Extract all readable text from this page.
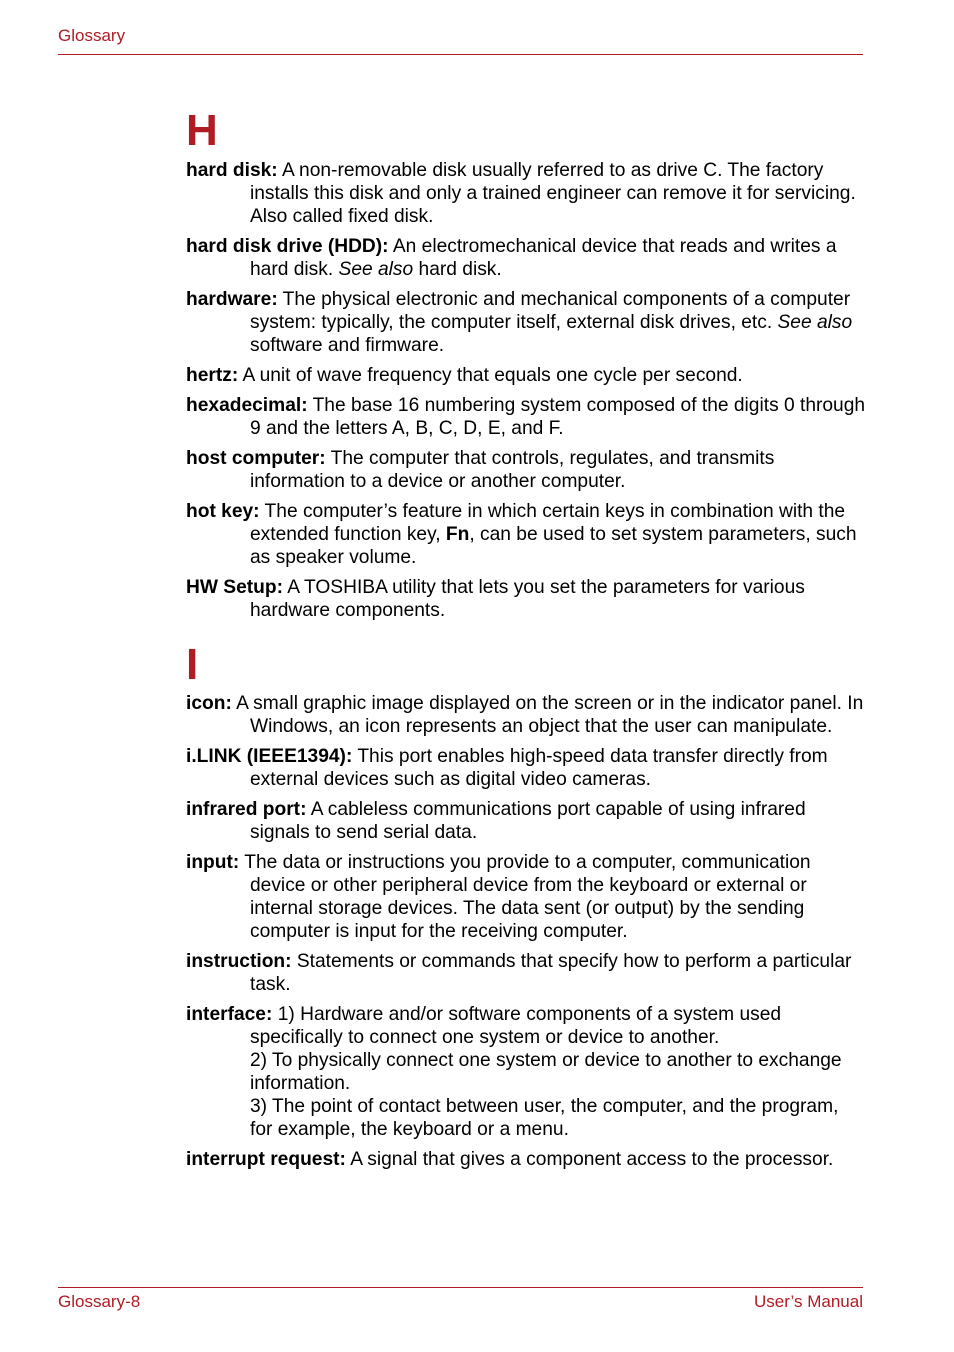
Glossary
H

hard disk: A non-removable disk usually referred to as drive C. The factory installs this disk and only a trained engineer can remove it for servicing. Also called fixed disk.

hard disk drive (HDD): An electromechanical device that reads and writes a hard disk. See also hard disk.

hardware: The physical electronic and mechanical components of a computer system: typically, the computer itself, external disk drives, etc. See also software and firmware.

hertz: A unit of wave frequency that equals one cycle per second.

hexadecimal: The base 16 numbering system composed of the digits 0 through 9 and the letters A, B, C, D, E, and F.

host computer: The computer that controls, regulates, and transmits information to a device or another computer.

hot key: The computer’s feature in which certain keys in combination with the extended function key, Fn, can be used to set system parameters, such as speaker volume.

HW Setup: A TOSHIBA utility that lets you set the parameters for various hardware components.

I

icon: A small graphic image displayed on the screen or in the indicator panel. In Windows, an icon represents an object that the user can manipulate.

i.LINK (IEEE1394): This port enables high-speed data transfer directly from external devices such as digital video cameras.

infrared port: A cableless communications port capable of using infrared signals to send serial data.

input: The data or instructions you provide to a computer, communication device or other peripheral device from the keyboard or external or internal storage devices. The data sent (or output) by the sending computer is input for the receiving computer.

instruction: Statements or commands that specify how to perform a particular task.

interface: 1) Hardware and/or software components of a system used specifically to connect one system or device to another.
2) To physically connect one system or device to another to exchange information.
3) The point of contact between user, the computer, and the program, for example, the keyboard or a menu.

interrupt request: A signal that gives a component access to the processor.

Glossary-8	User’s Manual
